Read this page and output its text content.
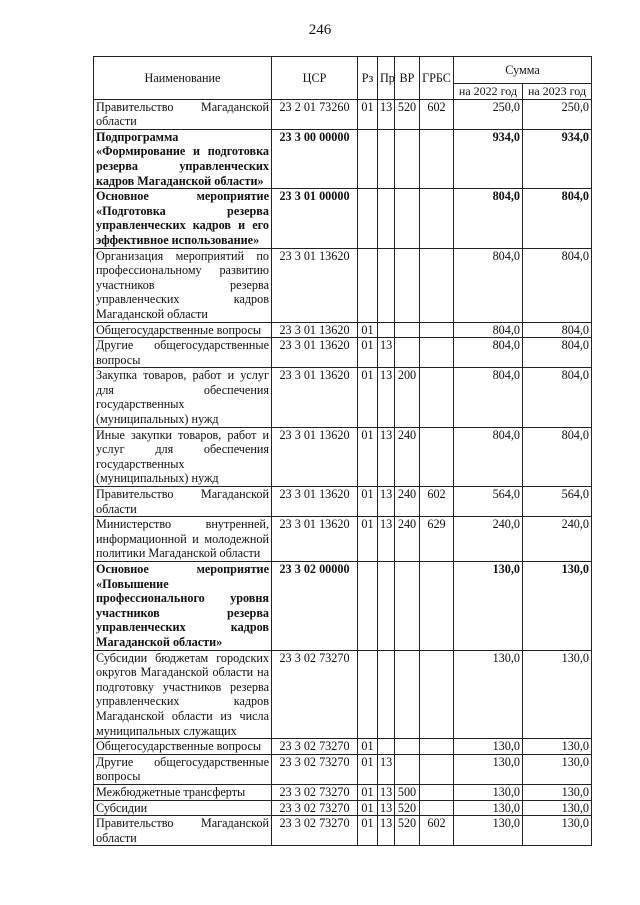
246
Наименование	ЦСР	Рз	Пр	ВР	ГРБС	Сумма	
						на 2022 год	на 2023 год
Правительство Магаданской области	23 2 01 73260	01	13	520	602	250,0	250,0
Подпрограмма «Формирование и подготовка резерва управленческих кадров Магаданской области»	23 3 00 00000					934,0	934,0
Основное мероприятие «Подготовка резерва управленческих кадров и его эффективное использование»	23 3 01 00000					804,0	804,0
Организация мероприятий по профессиональному развитию участников резерва управленческих кадров Магаданской области	23 3 01 13620					804,0	804,0
Общегосударственные вопросы	23 3 01 13620	01				804,0	804,0
Другие общегосударственные вопросы	23 3 01 13620	01	13			804,0	804,0
Закупка товаров, работ и услуг для обеспечения государственных (муниципальных) нужд	23 3 01 13620	01	13	200		804,0	804,0
Иные закупки товаров, работ и услуг для обеспечения государственных (муниципальных) нужд	23 3 01 13620	01	13	240		804,0	804,0
Правительство Магаданской области	23 3 01 13620	01	13	240	602	564,0	564,0
Министерство внутренней, информационной и молодежной политики Магаданской области	23 3 01 13620	01	13	240	629	240,0	240,0
Основное мероприятие «Повышение профессионального уровня участников резерва управленческих кадров Магаданской области»	23 3 02 00000					130,0	130,0
Субсидии бюджетам городских округов Магаданской области на подготовку участников резерва управленческих кадров Магаданской области из числа муниципальных служащих	23 3 02 73270					130,0	130,0
Общегосударственные вопросы	23 3 02 73270	01				130,0	130,0
Другие общегосударственные вопросы	23 3 02 73270	01	13			130,0	130,0
Межбюджетные трансферты	23 3 02 73270	01	13	500		130,0	130,0
Субсидии	23 3 02 73270	01	13	520		130,0	130,0
Правительство Магаданской области	23 3 02 73270	01	13	520	602	130,0	130,0
